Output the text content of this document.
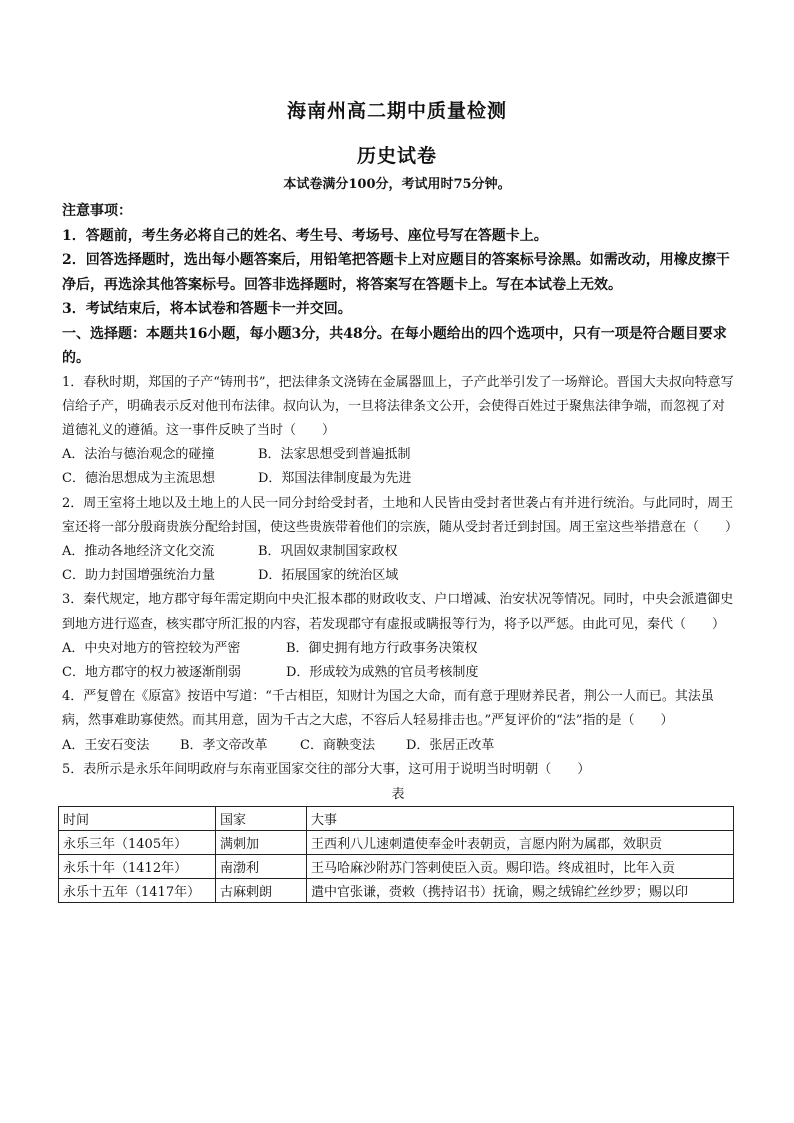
海南州高二期中质量检测
历史试卷
本试卷满分100分，考试用时75分钟。
注意事项：
1．答题前，考生务必将自己的姓名、考生号、考场号、座位号写在答题卡上。
2．回答选择题时，选出每小题答案后，用铅笔把答题卡上对应题目的答案标号涂黑。如需改动，用橡皮擦干净后，再选涂其他答案标号。回答非选择题时，将答案写在答题卡上。写在本试卷上无效。
3．考试结束后，将本试卷和答题卡一并交回。
一、选择题：本题共16小题，每小题3分，共48分。在每小题给出的四个选项中，只有一项是符合题目要求的。
1．春秋时期，郑国的子产“铸刑书”，把法律条文浇铸在金属器皿上，子产此举引发了一场辩论。晋国大夫叔向特意写信给子产，明确表示反对他刊布法律。叔向认为，一旦将法律条文公开，会使得百姓过于聚焦法律争端，而忽视了对道德礼义的遵循。这一事件反映了当时（　　）
A．法治与德治观念的碰撞	B．法家思想受到普遍抵制
C．德治思想成为主流思想	D．郑国法律制度最为先进
2．周王室将土地以及土地上的人民一同分封给受封者，土地和人民皆由受封者世袭占有并进行统治。与此同时，周王室还将一部分殷商贵族分配给封国，使这些贵族带着他们的宗族，随从受封者迁到封国。周王室这些举措意在（　　）
A．推动各地经济文化交流	B．巩固奴隶制国家政权
C．助力封国增强统治力量	D．拓展国家的统治区域
3．秦代规定，地方郡守每年需定期向中央汇报本郡的财政收支、户口增减、治安状况等情况。同时，中央会派遣御史到地方进行巡查，核实郡守所汇报的内容，若发现郡守有虚报或瞒报等行为，将予以严惩。由此可见，秦代（　　）
A．中央对地方的管控较为严密	B．御史拥有地方行政事务决策权
C．地方郡守的权力被逐渐削弱	D．形成较为成熟的官员考核制度
4．严复曾在《原富》按语中写道：“千古相臣，知财计为国之大命，而有意于理财养民者，荆公一人而已。其法虽病，然事难助寡使然。而其用意，固为千古之大虑，不容后人轻易排击也。”严复评价的“法”指的是（　　）
A．王安石变法	B．孝文帝改革	C．商鞅变法	D．张居正改革
5．表所示是永乐年间明政府与东南亚国家交往的部分大事，这可用于说明当时明朝（　　）
表
时间	国家	大事
永乐三年（1405年）	满刺加	王西利八儿速刺遣使奉金叶表朝贡，言愿内附为属郡，效职贡
永乐十年（1412年）	南渤利	王马哈麻沙附苏门答剌使臣入贡。赐印诰。终成祖时，比年入贡
永乐十五年（1417年）	古麻剌朗	遣中官张谦，赍敕（携持诏书）抚谕，赐之绒锦纻丝纱罗；赐以印
